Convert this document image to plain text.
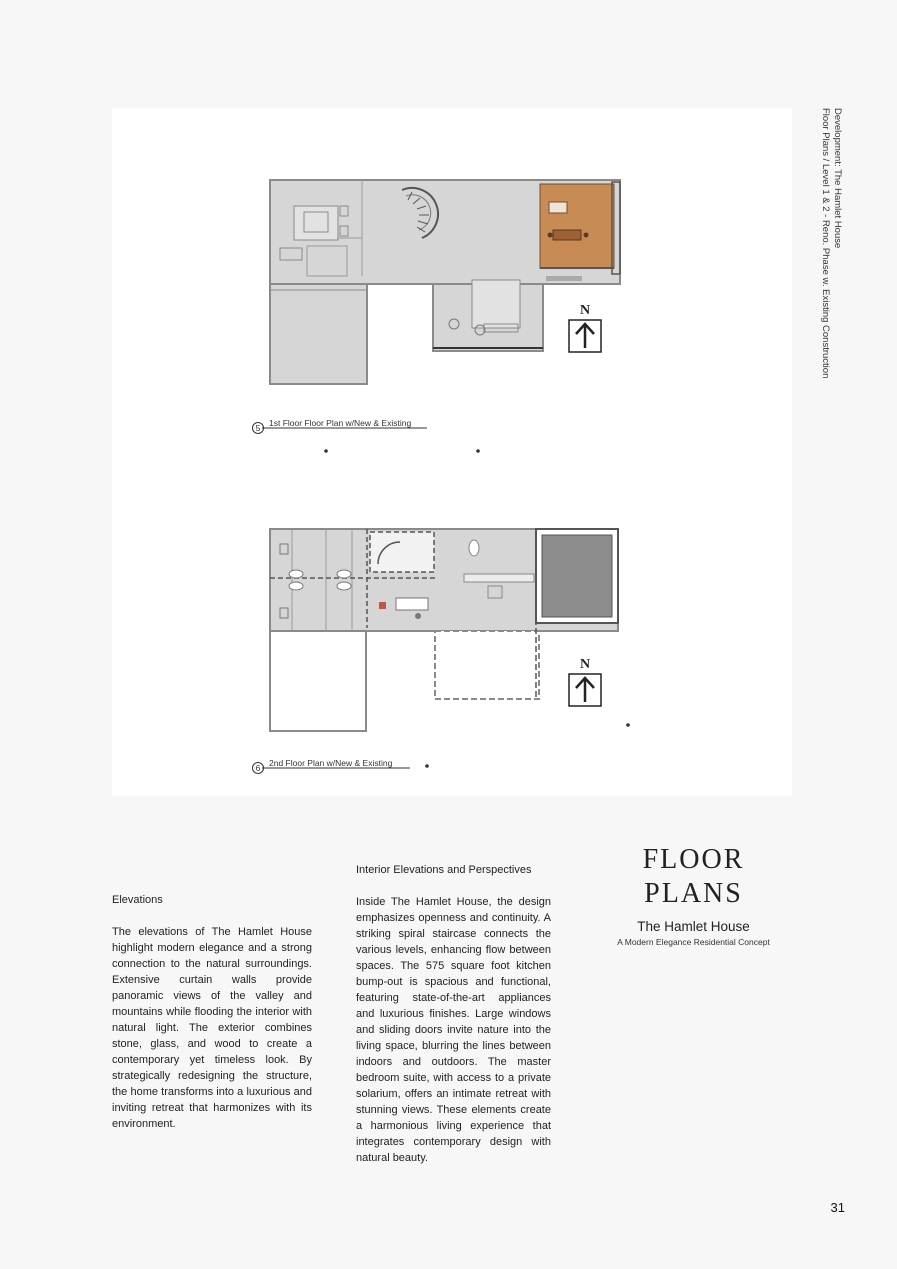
N
5 1st Floor Floor Plan w/New & Existing
N
6 2nd Floor Plan w/New & Existing
Development: The Hamlet House
Floor Plans / Level 1 & 2 - Reno. Phase w. Existing Construction
Elevations

The elevations of The Hamlet House highlight modern elegance and a strong connection to the natural surroundings. Extensive curtain walls provide panoramic views of the valley and mountains while flooding the interior with natural light. The exterior combines stone, glass, and wood to create a contemporary yet timeless look. By strategically redesigning the structure, the home transforms into a luxurious and inviting retreat that harmonizes with its environment.

Interior Elevations and Perspectives

Inside The Hamlet House, the design emphasizes openness and continuity. A striking spiral staircase connects the various levels, enhancing flow between spaces. The 575 square foot kitchen bump-out is spacious and functional, featuring state-of-the-art appliances and luxurious finishes. Large windows and sliding doors invite nature into the living space, blurring the lines between indoors and outdoors. The master bedroom suite, with access to a private solarium, offers an intimate retreat with stunning views. These elements create a harmonious living experience that integrates contemporary design with natural beauty.

FLOOR
PLANS
The Hamlet House
A Modern Elegance Residential Concept
31
